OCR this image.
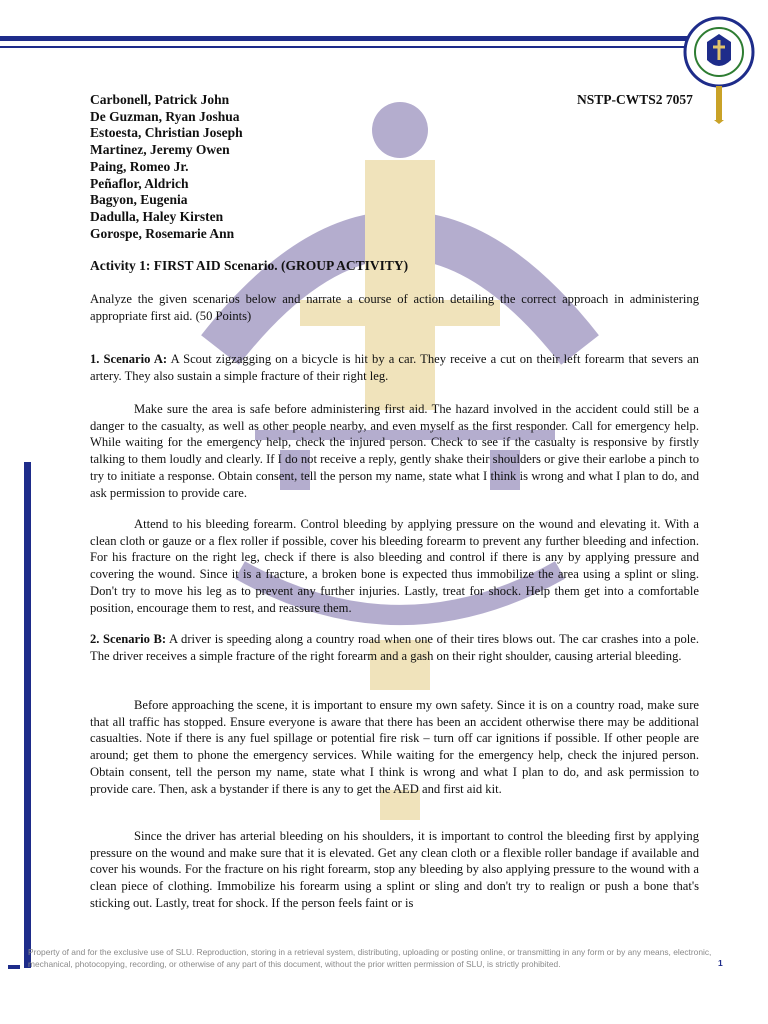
Carbonell, Patrick John
De Guzman, Ryan Joshua
Estoesta, Christian Joseph
Martinez, Jeremy Owen
Paing, Romeo Jr.
Peñaflor, Aldrich
Bagyon, Eugenia
Dadulla, Haley Kirsten
Gorospe, Rosemarie Ann
NSTP-CWTS2 7057
Activity 1: FIRST AID Scenario. (GROUP ACTIVITY)
Analyze the given scenarios below and narrate a course of action detailing the correct approach in administering appropriate first aid. (50 Points)
1. Scenario A: A Scout zigzagging on a bicycle is hit by a car. They receive a cut on their left forearm that severs an artery. They also sustain a simple fracture of their right leg.
Make sure the area is safe before administering first aid. The hazard involved in the accident could still be a danger to the casualty, as well as other people nearby, and even myself as the first responder. Call for emergency help. While waiting for the emergency help, check the injured person. Check to see if the casualty is responsive by firstly talking to them loudly and clearly. If I do not receive a reply, gently shake their shoulders or give their earlobe a pinch to try to initiate a response. Obtain consent, tell the person my name, state what I think is wrong and what I plan to do, and ask permission to provide care.
Attend to his bleeding forearm. Control bleeding by applying pressure on the wound and elevating it. With a clean cloth or gauze or a flex roller if possible, cover his bleeding forearm to prevent any further bleeding and infection. For his fracture on the right leg, check if there is also bleeding and control if there is any by applying pressure and covering the wound. Since it is a fracture, a broken bone is expected thus immobilize the area using a splint or sling. Don't try to move his leg as to prevent any further injuries. Lastly, treat for shock. Help them get into a comfortable position, encourage them to rest, and reassure them.
2. Scenario B: A driver is speeding along a country road when one of their tires blows out. The car crashes into a pole. The driver receives a simple fracture of the right forearm and a gash on their right shoulder, causing arterial bleeding.
Before approaching the scene, it is important to ensure my own safety. Since it is on a country road, make sure that all traffic has stopped. Ensure everyone is aware that there has been an accident otherwise there may be additional casualties. Note if there is any fuel spillage or potential fire risk – turn off car ignitions if possible. If other people are around; get them to phone the emergency services. While waiting for the emergency help, check the injured person. Obtain consent, tell the person my name, state what I think is wrong and what I plan to do, and ask permission to provide care. Then, ask a bystander if there is any to get the AED and first aid kit.
Since the driver has arterial bleeding on his shoulders, it is important to control the bleeding first by applying pressure on the wound and make sure that it is elevated. Get any clean cloth or a flexible roller bandage if available and cover his wounds. For the fracture on his right forearm, stop any bleeding by also applying pressure to the wound with a clean piece of clothing. Immobilize his forearm using a splint or sling and don't try to realign or push a bone that's sticking out. Lastly, treat for shock. If the person feels faint or is
Property of and for the exclusive use of SLU. Reproduction, storing in a retrieval system, distributing, uploading or posting online, or transmitting in any form or by any means, electronic, mechanical, photocopying, recording, or otherwise of any part of this document, without the prior written permission of SLU, is strictly prohibited.	1
